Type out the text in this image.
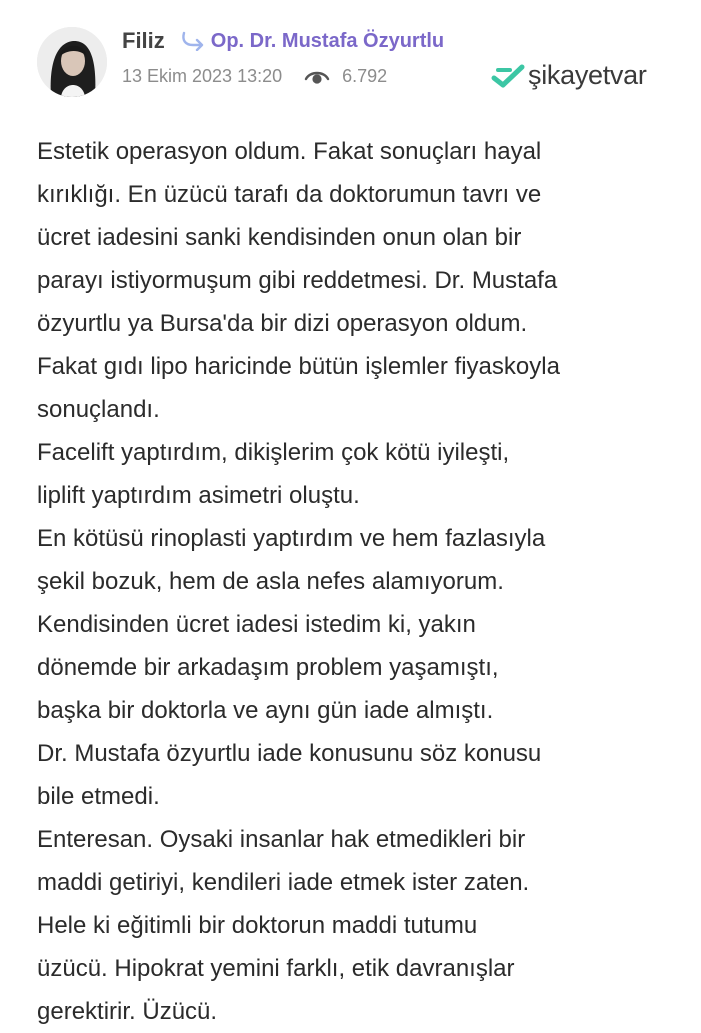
Filiz Op. Dr. Mustafa Özyurtlu
13 Ekim 2023 13:20	6.792	şikayetvar

Estetik operasyon oldum. Fakat sonuçları hayal

kırıklığı. En üzücü tarafı da doktorumun tavrı ve

ücret iadesini sanki kendisinden onun olan bir

parayı istiyormuşum gibi reddetmesi. Dr. Mustafa

özyurtlu ya Bursa'da bir dizi operasyon oldum.

Fakat gıdı lipo haricinde bütün işlemler fiyaskoyla

sonuçlandı.

Facelift yaptırdım, dikişlerim çok kötü iyileşti,

liplift yaptırdım asimetri oluştu.

En kötüsü rinoplasti yaptırdım ve hem fazlasıyla

şekil bozuk, hem de asla nefes alamıyorum.

Kendisinden ücret iadesi istedim ki, yakın

dönemde bir arkadaşım problem yaşamıştı,

başka bir doktorla ve aynı gün iade almıştı.

Dr. Mustafa özyurtlu iade konusunu söz konusu

bile etmedi.

Enteresan. Oysaki insanlar hak etmedikleri bir

maddi getiriyi, kendileri iade etmek ister zaten.

Hele ki eğitimli bir doktorun maddi tutumu

üzücü. Hipokrat yemini farklı, etik davranışlar

gerektirir. Üzücü.
